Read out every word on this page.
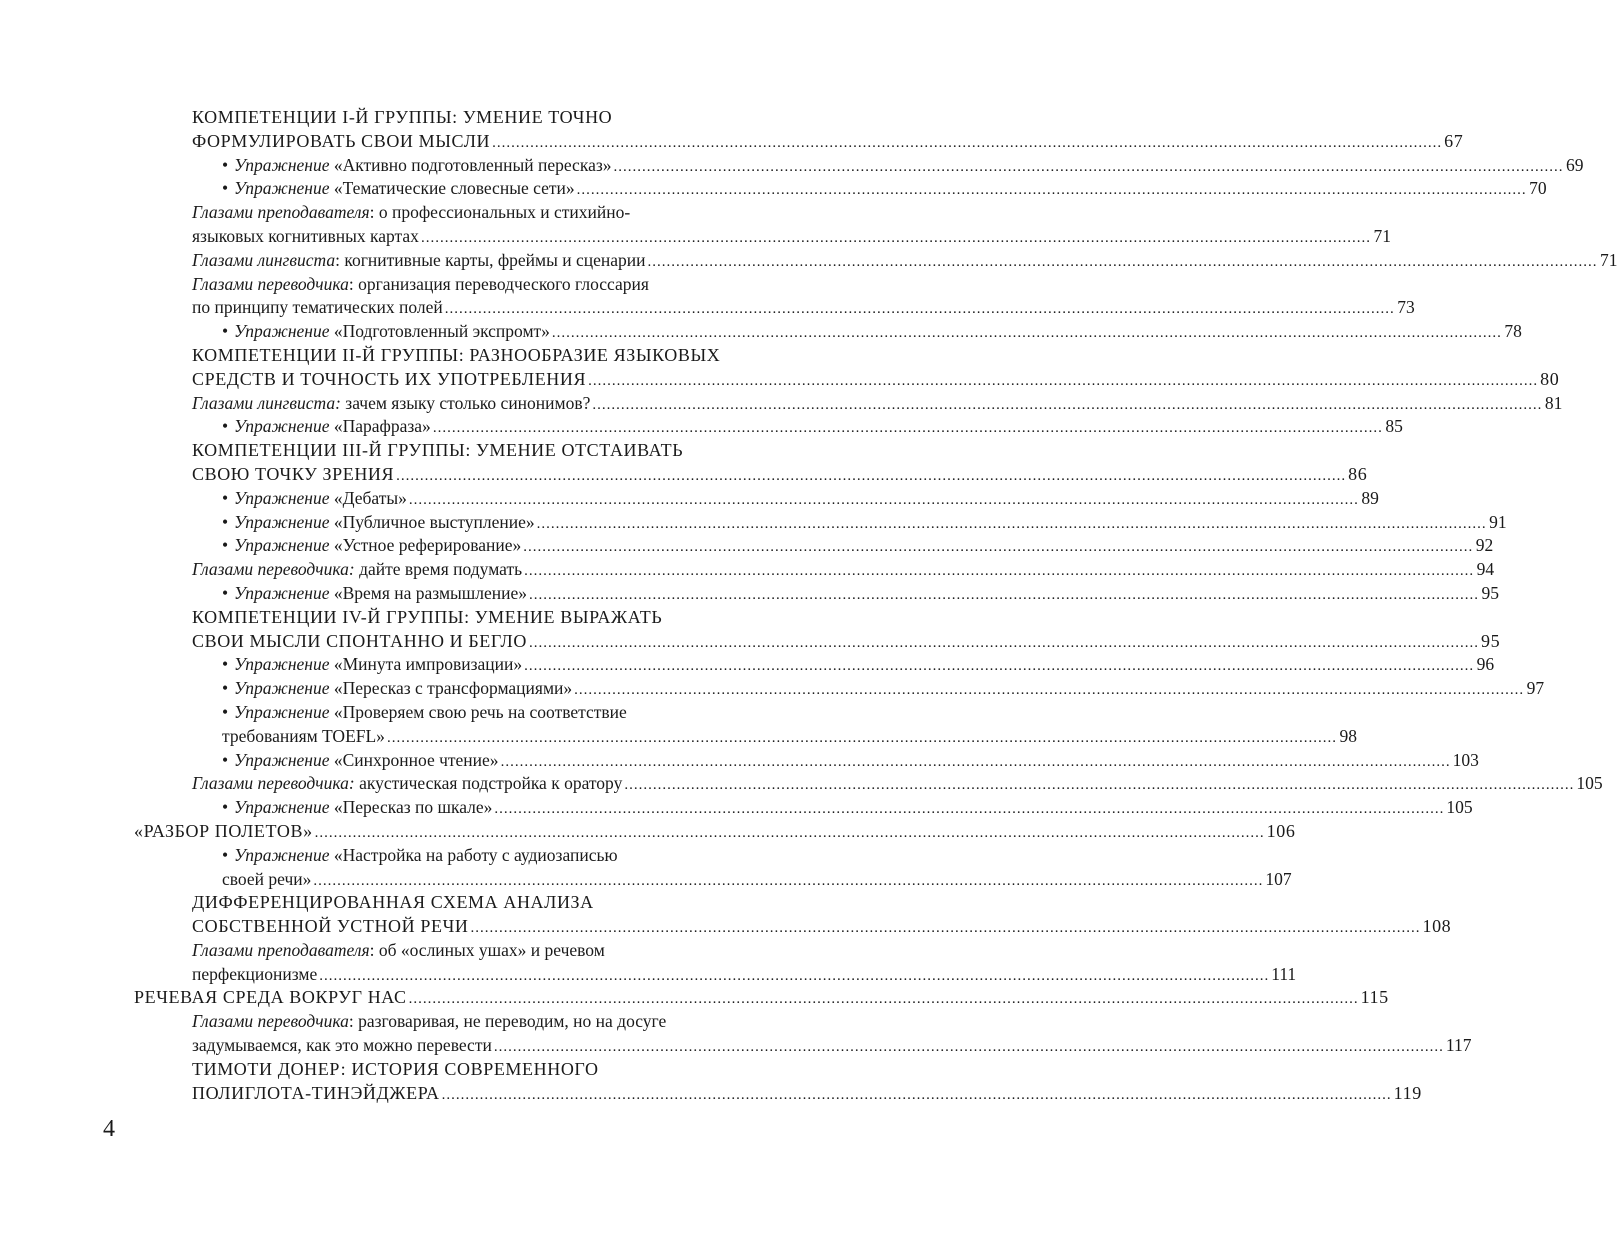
КОМПЕТЕНЦИИ I-Й ГРУППЫ: УМЕНИЕ ТОЧНО
ФОРМУЛИРОВАТЬ СВОИ МЫСЛИ ........................................................................................................................................................................................................ 67
• Упражнение «Активно подготовленный пересказ» ........................................................................................................................................................................................................ 69
• Упражнение «Тематические словесные сети» ........................................................................................................................................................................................................ 70
Глазами преподавателя: о профессиональных и стихийно-
языковых когнитивных картах ........................................................................................................................................................................................................ 71
Глазами лингвиста: когнитивные карты, фреймы и сценарии ........................................................................................................................................................................................................ 71
Глазами переводчика: организация переводческого глоссария
по принципу тематических полей ........................................................................................................................................................................................................ 73
• Упражнение «Подготовленный экспромт» ........................................................................................................................................................................................................ 78
КОМПЕТЕНЦИИ II-Й ГРУППЫ: РАЗНООБРАЗИЕ ЯЗЫКОВЫХ
СРЕДСТВ И ТОЧНОСТЬ ИХ УПОТРЕБЛЕНИЯ ........................................................................................................................................................................................................ 80
Глазами лингвиста: зачем языку столько синонимов? ........................................................................................................................................................................................................ 81
• Упражнение «Парафраза» ........................................................................................................................................................................................................ 85
КОМПЕТЕНЦИИ III-Й ГРУППЫ: УМЕНИЕ ОТСТАИВАТЬ
СВОЮ ТОЧКУ ЗРЕНИЯ ........................................................................................................................................................................................................ 86
• Упражнение «Дебаты» ........................................................................................................................................................................................................ 89
• Упражнение «Публичное выступление» ........................................................................................................................................................................................................ 91
• Упражнение «Устное реферирование» ........................................................................................................................................................................................................ 92
Глазами переводчика: дайте время подумать ........................................................................................................................................................................................................ 94
• Упражнение «Время на размышление» ........................................................................................................................................................................................................ 95
КОМПЕТЕНЦИИ IV-Й ГРУППЫ: УМЕНИЕ ВЫРАЖАТЬ
СВОИ МЫСЛИ СПОНТАННО И БЕГЛО ........................................................................................................................................................................................................ 95
• Упражнение «Минута импровизации» ........................................................................................................................................................................................................ 96
• Упражнение «Пересказ с трансформациями» ........................................................................................................................................................................................................ 97
• Упражнение «Проверяем свою речь на соответствие
требованиям TOEFL» ........................................................................................................................................................................................................ 98
• Упражнение «Синхронное чтение» ........................................................................................................................................................................................................ 103
Глазами переводчика: акустическая подстройка к оратору ........................................................................................................................................................................................................ 105
• Упражнение «Пересказ по шкале» ........................................................................................................................................................................................................ 105
«РАЗБОР ПОЛЕТОВ» ........................................................................................................................................................................................................ 106
• Упражнение «Настройка на работу с аудиозаписью
своей речи» ........................................................................................................................................................................................................ 107
ДИФФЕРЕНЦИРОВАННАЯ СХЕМА АНАЛИЗА
СОБСТВЕННОЙ УСТНОЙ РЕЧИ ........................................................................................................................................................................................................ 108
Глазами преподавателя: об «ослиных ушах» и речевом
перфекционизме ........................................................................................................................................................................................................ 111
РЕЧЕВАЯ СРЕДА ВОКРУГ НАС ........................................................................................................................................................................................................ 115
Глазами переводчика: разговаривая, не переводим, но на досуге
задумываемся, как это можно перевести ........................................................................................................................................................................................................ 117
ТИМОТИ ДОНЕР: ИСТОРИЯ СОВРЕМЕННОГО
ПОЛИГЛОТА-ТИНЭЙДЖЕРА ........................................................................................................................................................................................................ 119
4
